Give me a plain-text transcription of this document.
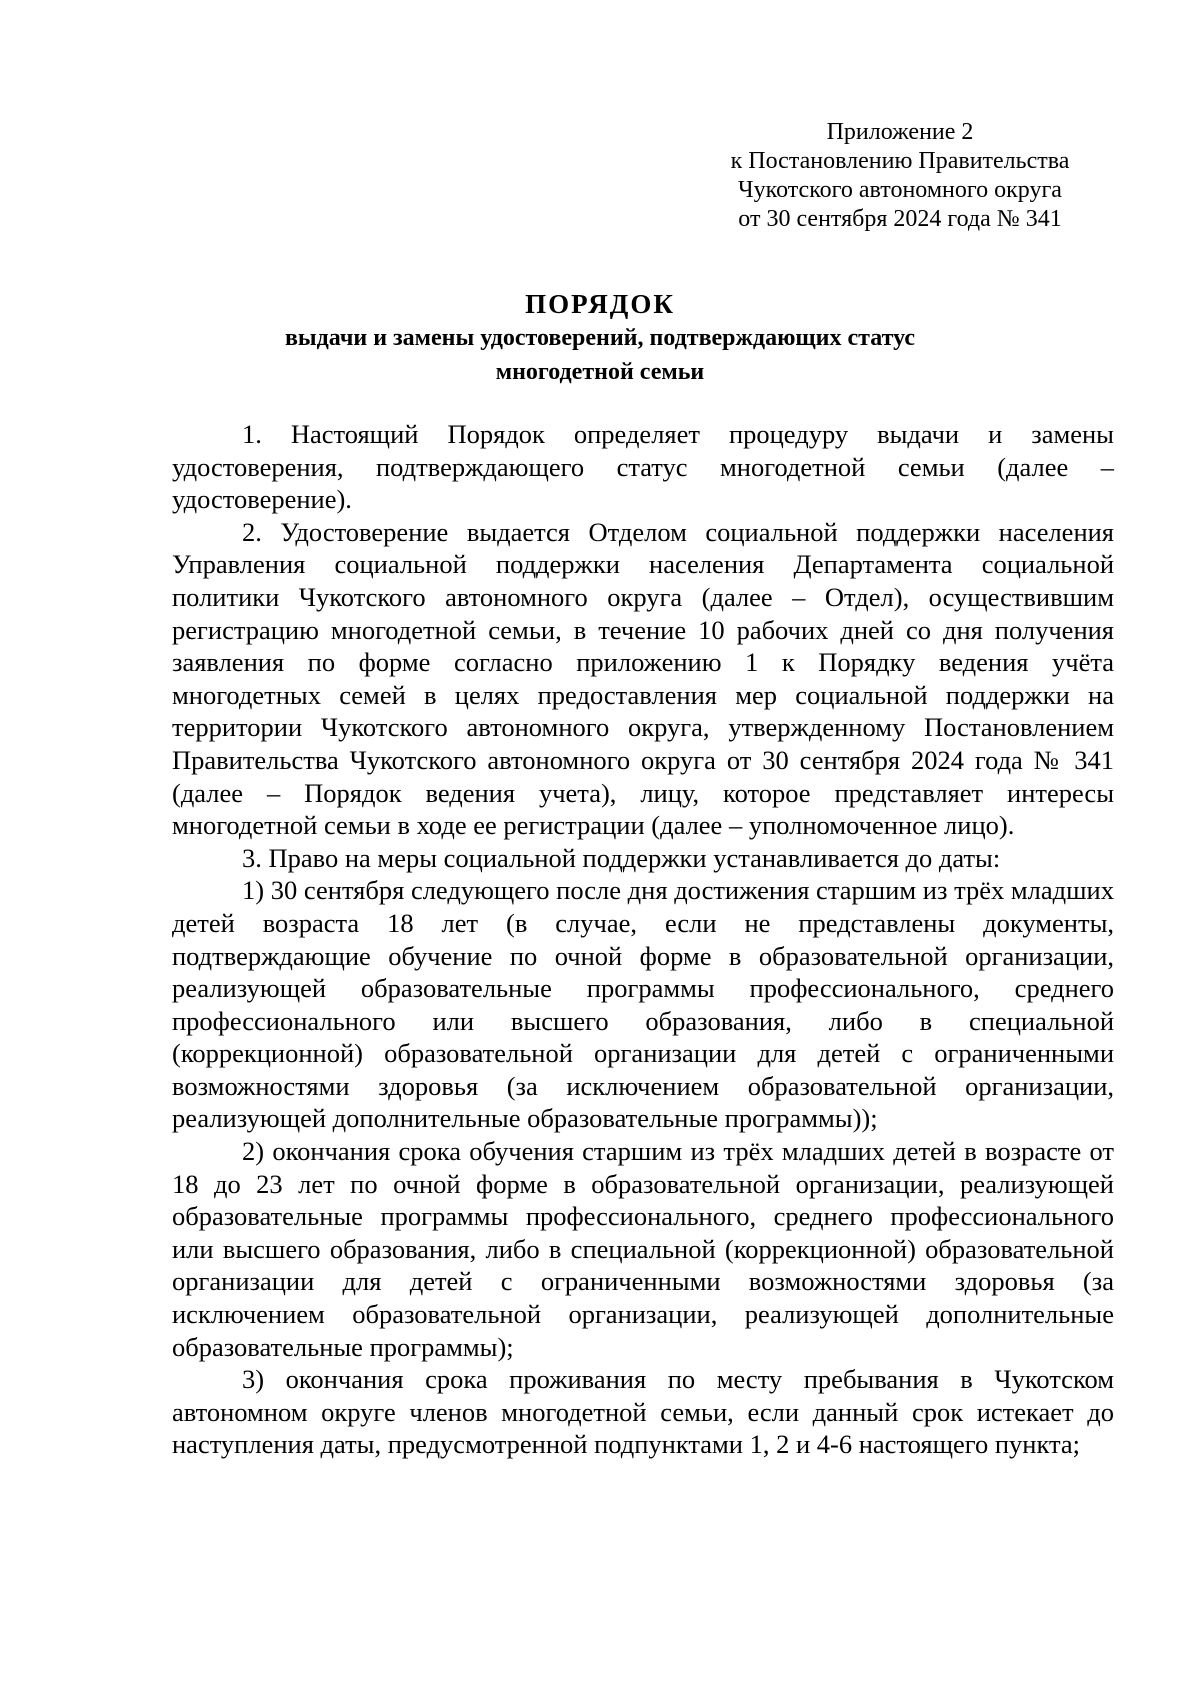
Приложение 2
к Постановлению Правительства
Чукотского автономного округа
от 30 сентября 2024 года № 341
ПОРЯДОК
выдачи и замены удостоверений, подтверждающих статус
многодетной семьи

1. Настоящий Порядок определяет процедуру выдачи и замены удостоверения, подтверждающего статус многодетной семьи (далее – удостоверение).

2. Удостоверение выдается Отделом социальной поддержки населения Управления социальной поддержки населения Департамента социальной политики Чукотского автономного округа (далее – Отдел), осуществившим регистрацию многодетной семьи, в течение 10 рабочих дней со дня получения заявления по форме согласно приложению 1 к Порядку ведения учёта многодетных семей в целях предоставления мер социальной поддержки на территории Чукотского автономного округа, утвержденному Постановлением Правительства Чукотского автономного округа от 30 сентября 2024 года № 341 (далее – Порядок ведения учета), лицу, которое представляет интересы многодетной семьи в ходе ее регистрации (далее – уполномоченное лицо).

3. Право на меры социальной поддержки устанавливается до даты:

1) 30 сентября следующего после дня достижения старшим из трёх младших детей возраста 18 лет (в случае, если не представлены документы, подтверждающие обучение по очной форме в образовательной организации, реализующей образовательные программы профессионального, среднего профессионального или высшего образования, либо в специальной (коррекционной) образовательной организации для детей с ограниченными возможностями здоровья (за исключением образовательной организации, реализующей дополнительные образовательные программы));

2) окончания срока обучения старшим из трёх младших детей в возрасте от 18 до 23 лет по очной форме в образовательной организации, реализующей образовательные программы профессионального, среднего профессионального или высшего образования, либо в специальной (коррекционной) образовательной организации для детей с ограниченными возможностями здоровья (за исключением образовательной организации, реализующей дополнительные образовательные программы);

3) окончания срока проживания по месту пребывания в Чукотском автономном округе членов многодетной семьи, если данный срок истекает до наступления даты, предусмотренной подпунктами 1, 2 и 4-6 настоящего пункта;
